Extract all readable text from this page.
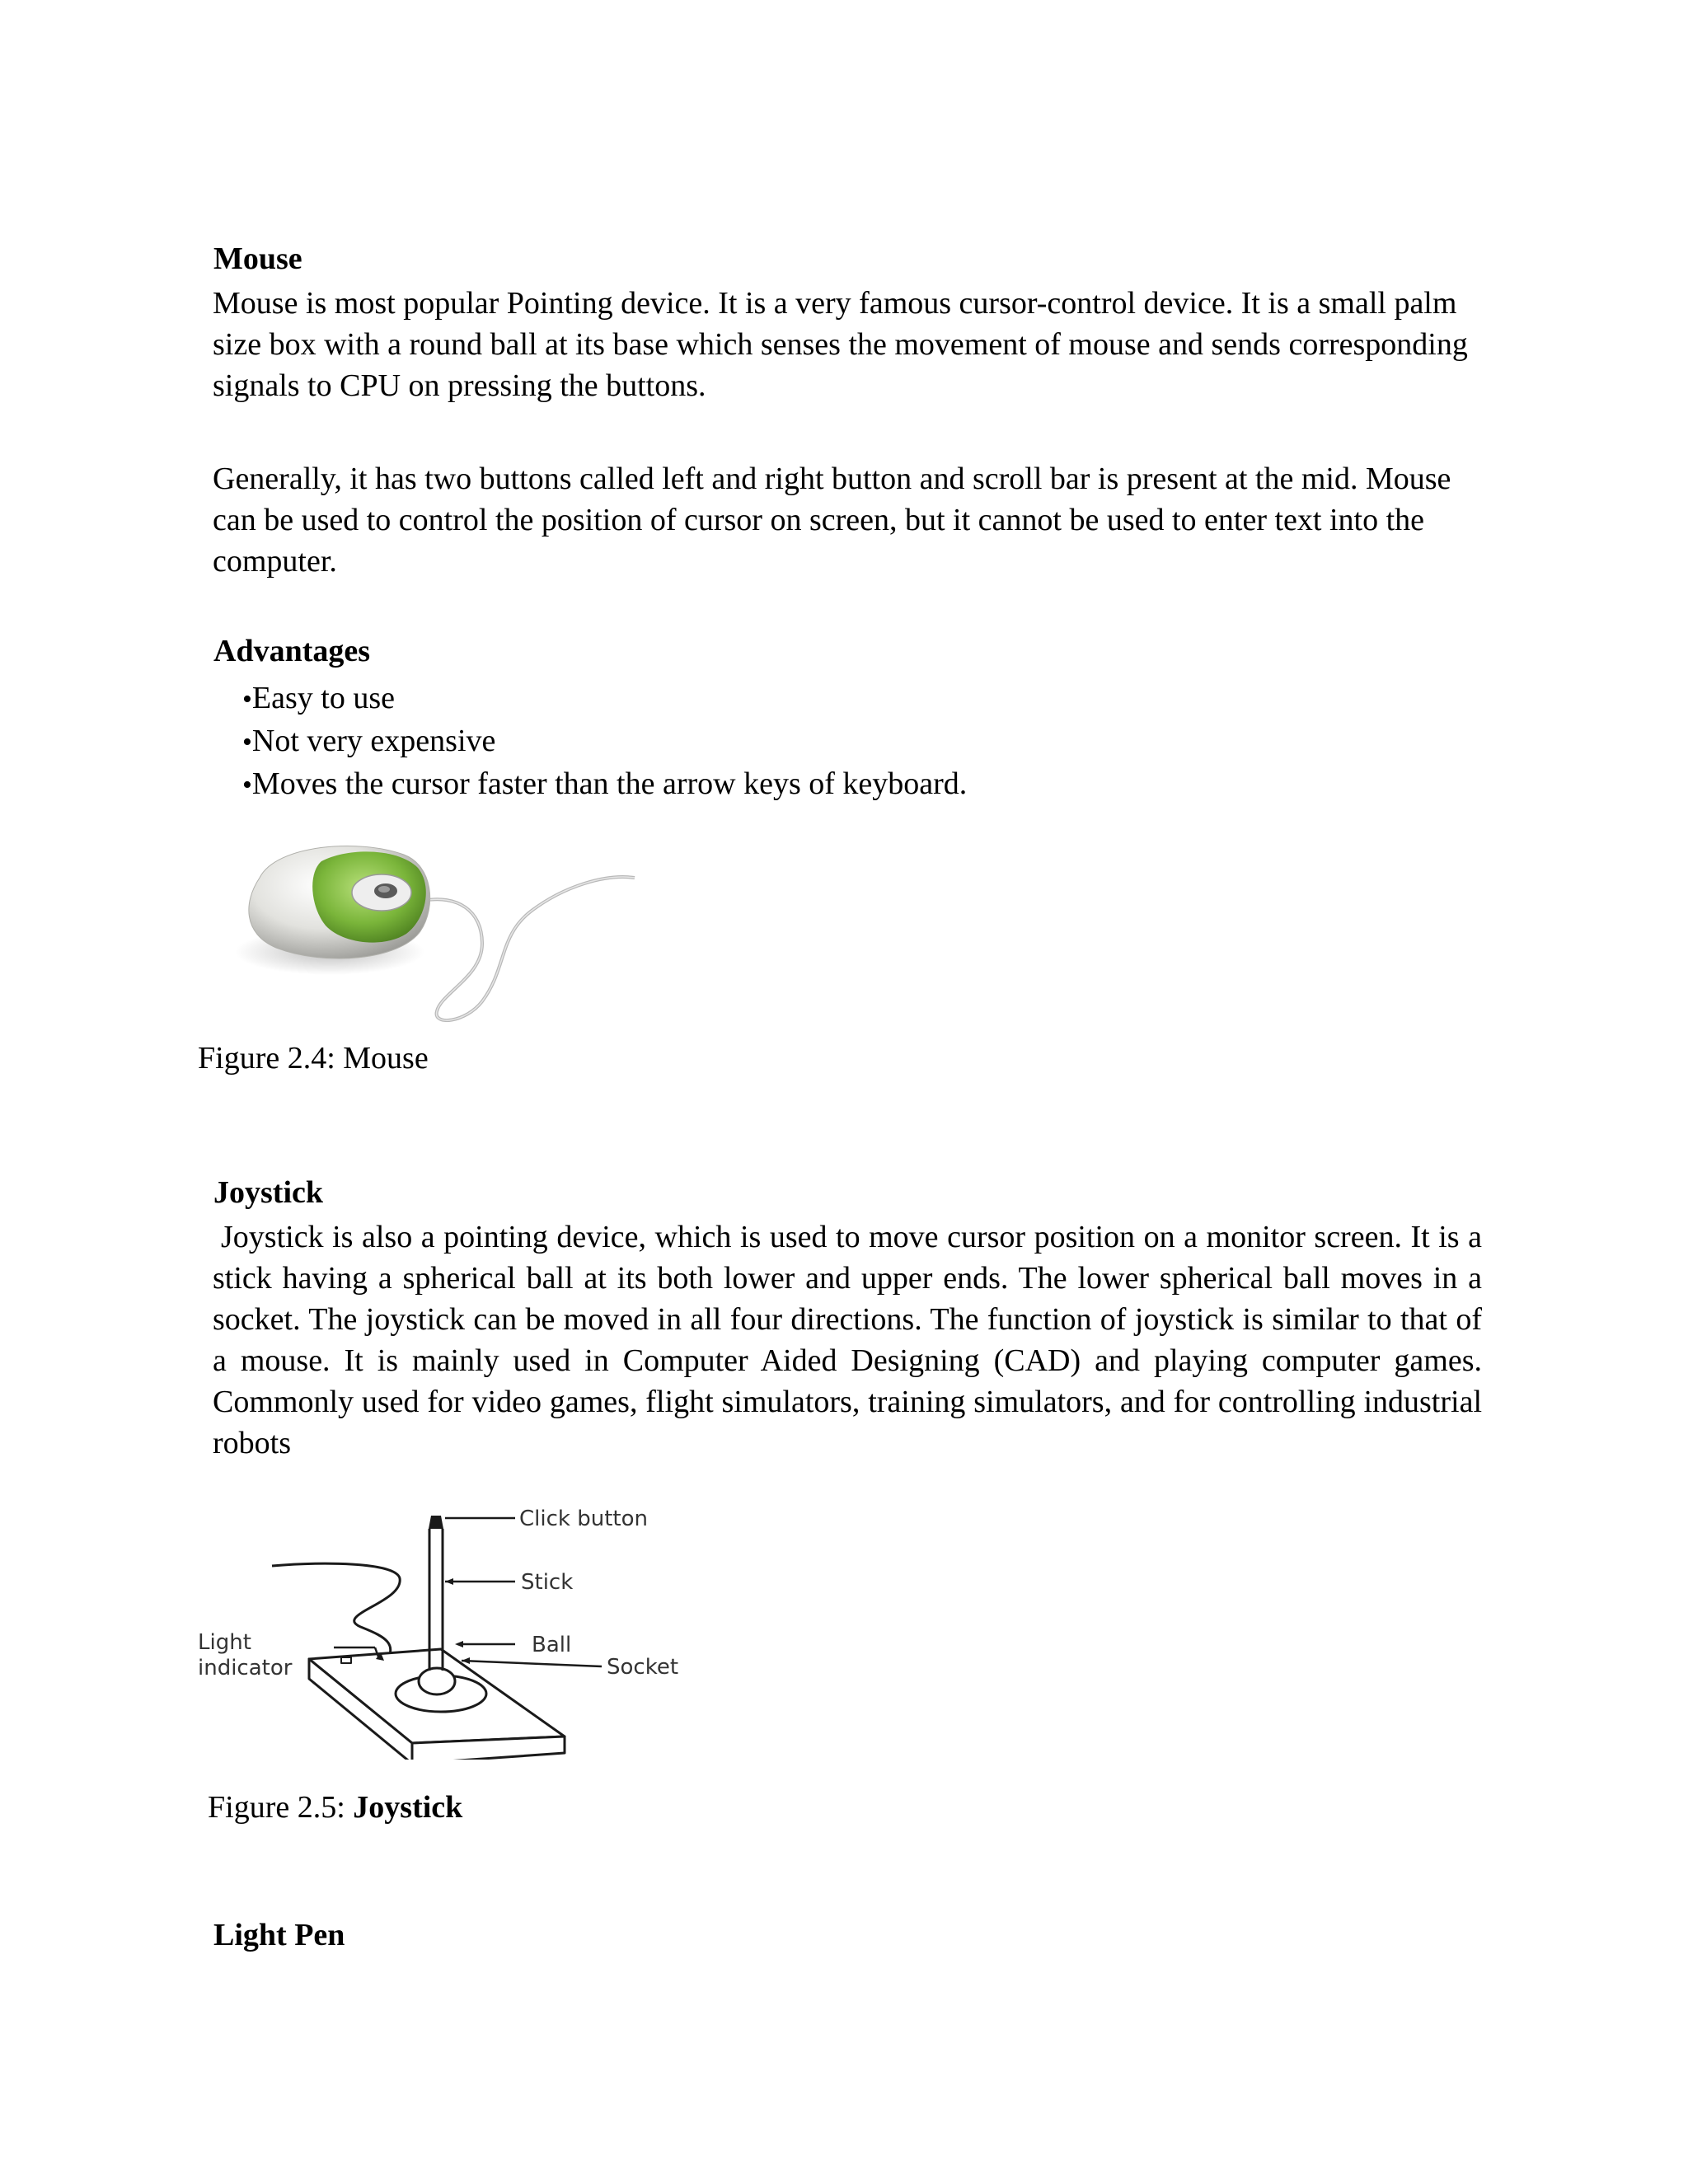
Mouse

Mouse is most popular Pointing device. It is a very famous cursor-control device. It is a small palm size box with a round ball at its base which senses the movement of mouse and sends corresponding signals to CPU on pressing the buttons.

Generally, it has two buttons called left and right button and scroll bar is present at the mid. Mouse can be used to control the position of cursor on screen, but it cannot be used to enter text into the computer.

Advantages
•Easy to use
•Not very expensive
•Moves the cursor faster than the arrow keys of keyboard.

Figure 2.4: Mouse

Joystick

Joystick is also a pointing device, which is used to move cursor position on a monitor screen. It is a stick having a spherical ball at its both lower and upper ends. The lower spherical ball moves in a socket. The joystick can be moved in all four directions. The function of joystick is similar to that of a mouse. It is mainly used in Computer Aided Designing (CAD) and playing computer games. Commonly used for video games, flight simulators, training simulators, and for controlling industrial robots

Click button
Stick
Ball
Socket
Light
indicator

Figure 2.5: Joystick

Light Pen
